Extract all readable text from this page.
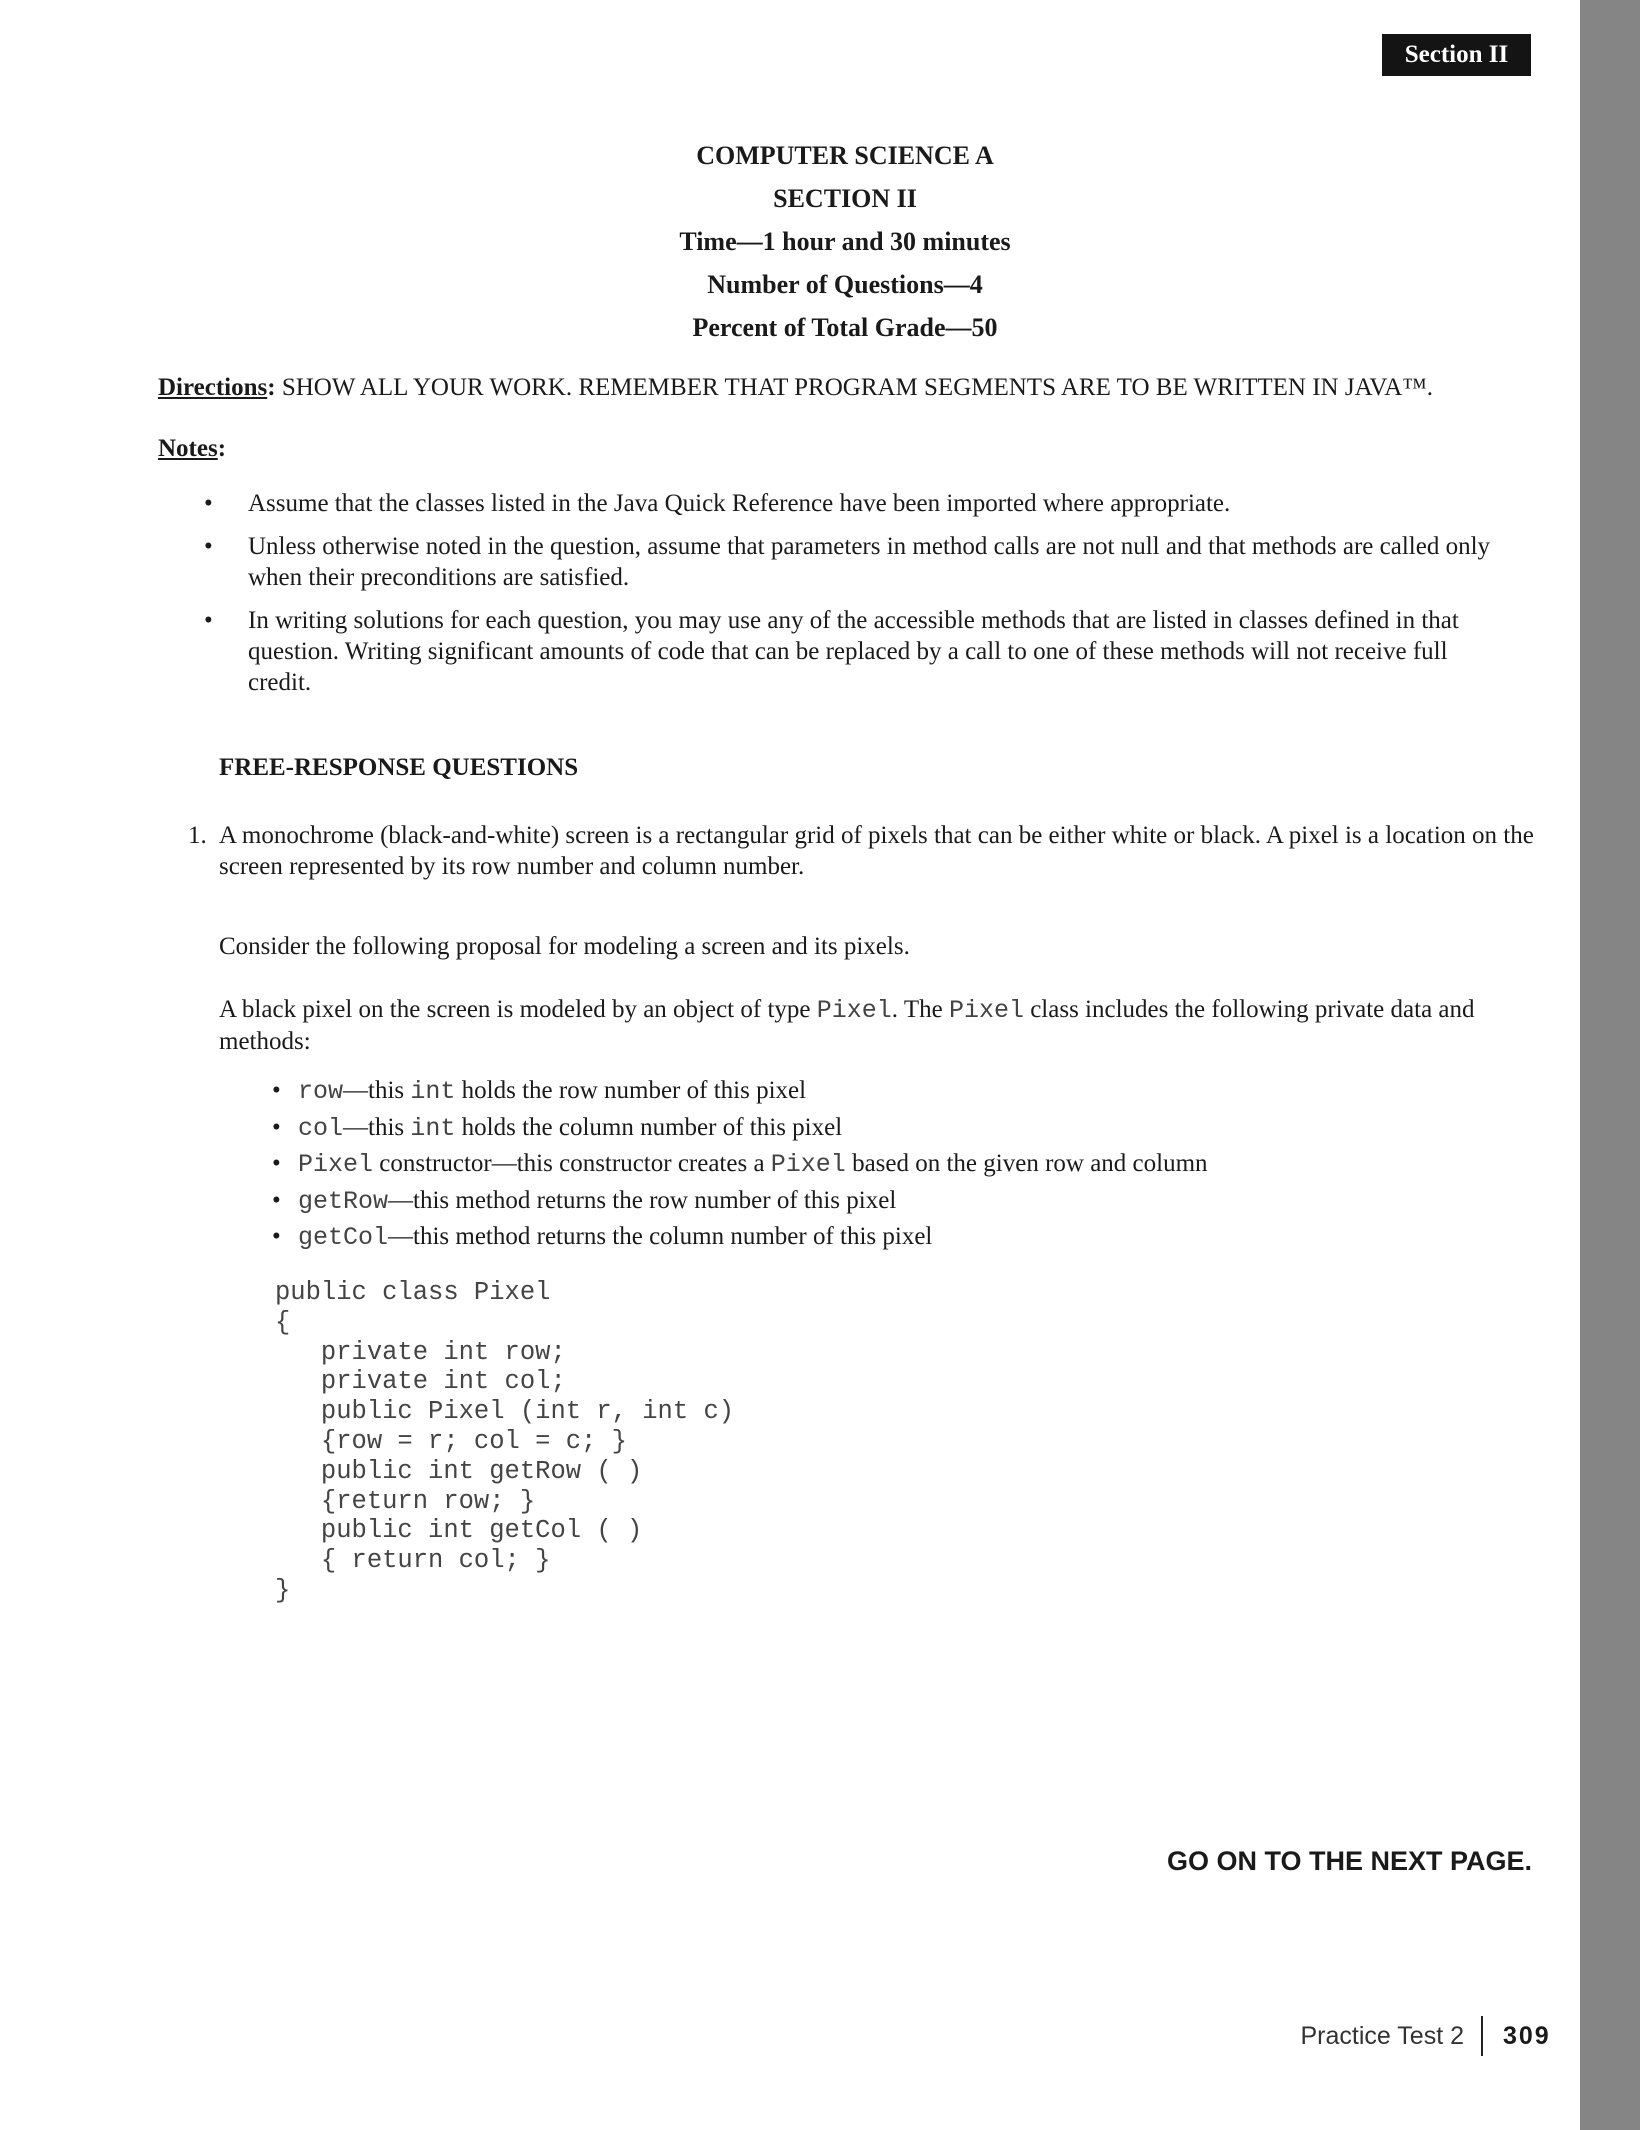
Section II
COMPUTER SCIENCE A
SECTION II
Time—1 hour and 30 minutes
Number of Questions—4
Percent of Total Grade—50
Directions: SHOW ALL YOUR WORK. REMEMBER THAT PROGRAM SEGMENTS ARE TO BE WRITTEN IN JAVA™.
Notes:
• Assume that the classes listed in the Java Quick Reference have been imported where appropriate.
• Unless otherwise noted in the question, assume that parameters in method calls are not null and that methods are called only when their preconditions are satisfied.
• In writing solutions for each question, you may use any of the accessible methods that are listed in classes defined in that question. Writing significant amounts of code that can be replaced by a call to one of these methods will not receive full credit.
FREE-RESPONSE QUESTIONS
1. A monochrome (black-and-white) screen is a rectangular grid of pixels that can be either white or black. A pixel is a location on the screen represented by its row number and column number.
Consider the following proposal for modeling a screen and its pixels.
A black pixel on the screen is modeled by an object of type Pixel. The Pixel class includes the following private data and methods:
• row—this int holds the row number of this pixel
• col—this int holds the column number of this pixel
• Pixel constructor—this constructor creates a Pixel based on the given row and column
• getRow—this method returns the row number of this pixel
• getCol—this method returns the column number of this pixel
public class Pixel
{
private int row;
private int col;
public Pixel (int r, int c)
{row = r; col = c; }
public int getRow ( )
{return row; }
public int getCol ( )
{ return col; }
}
GO ON TO THE NEXT PAGE.
Practice Test 2 309
